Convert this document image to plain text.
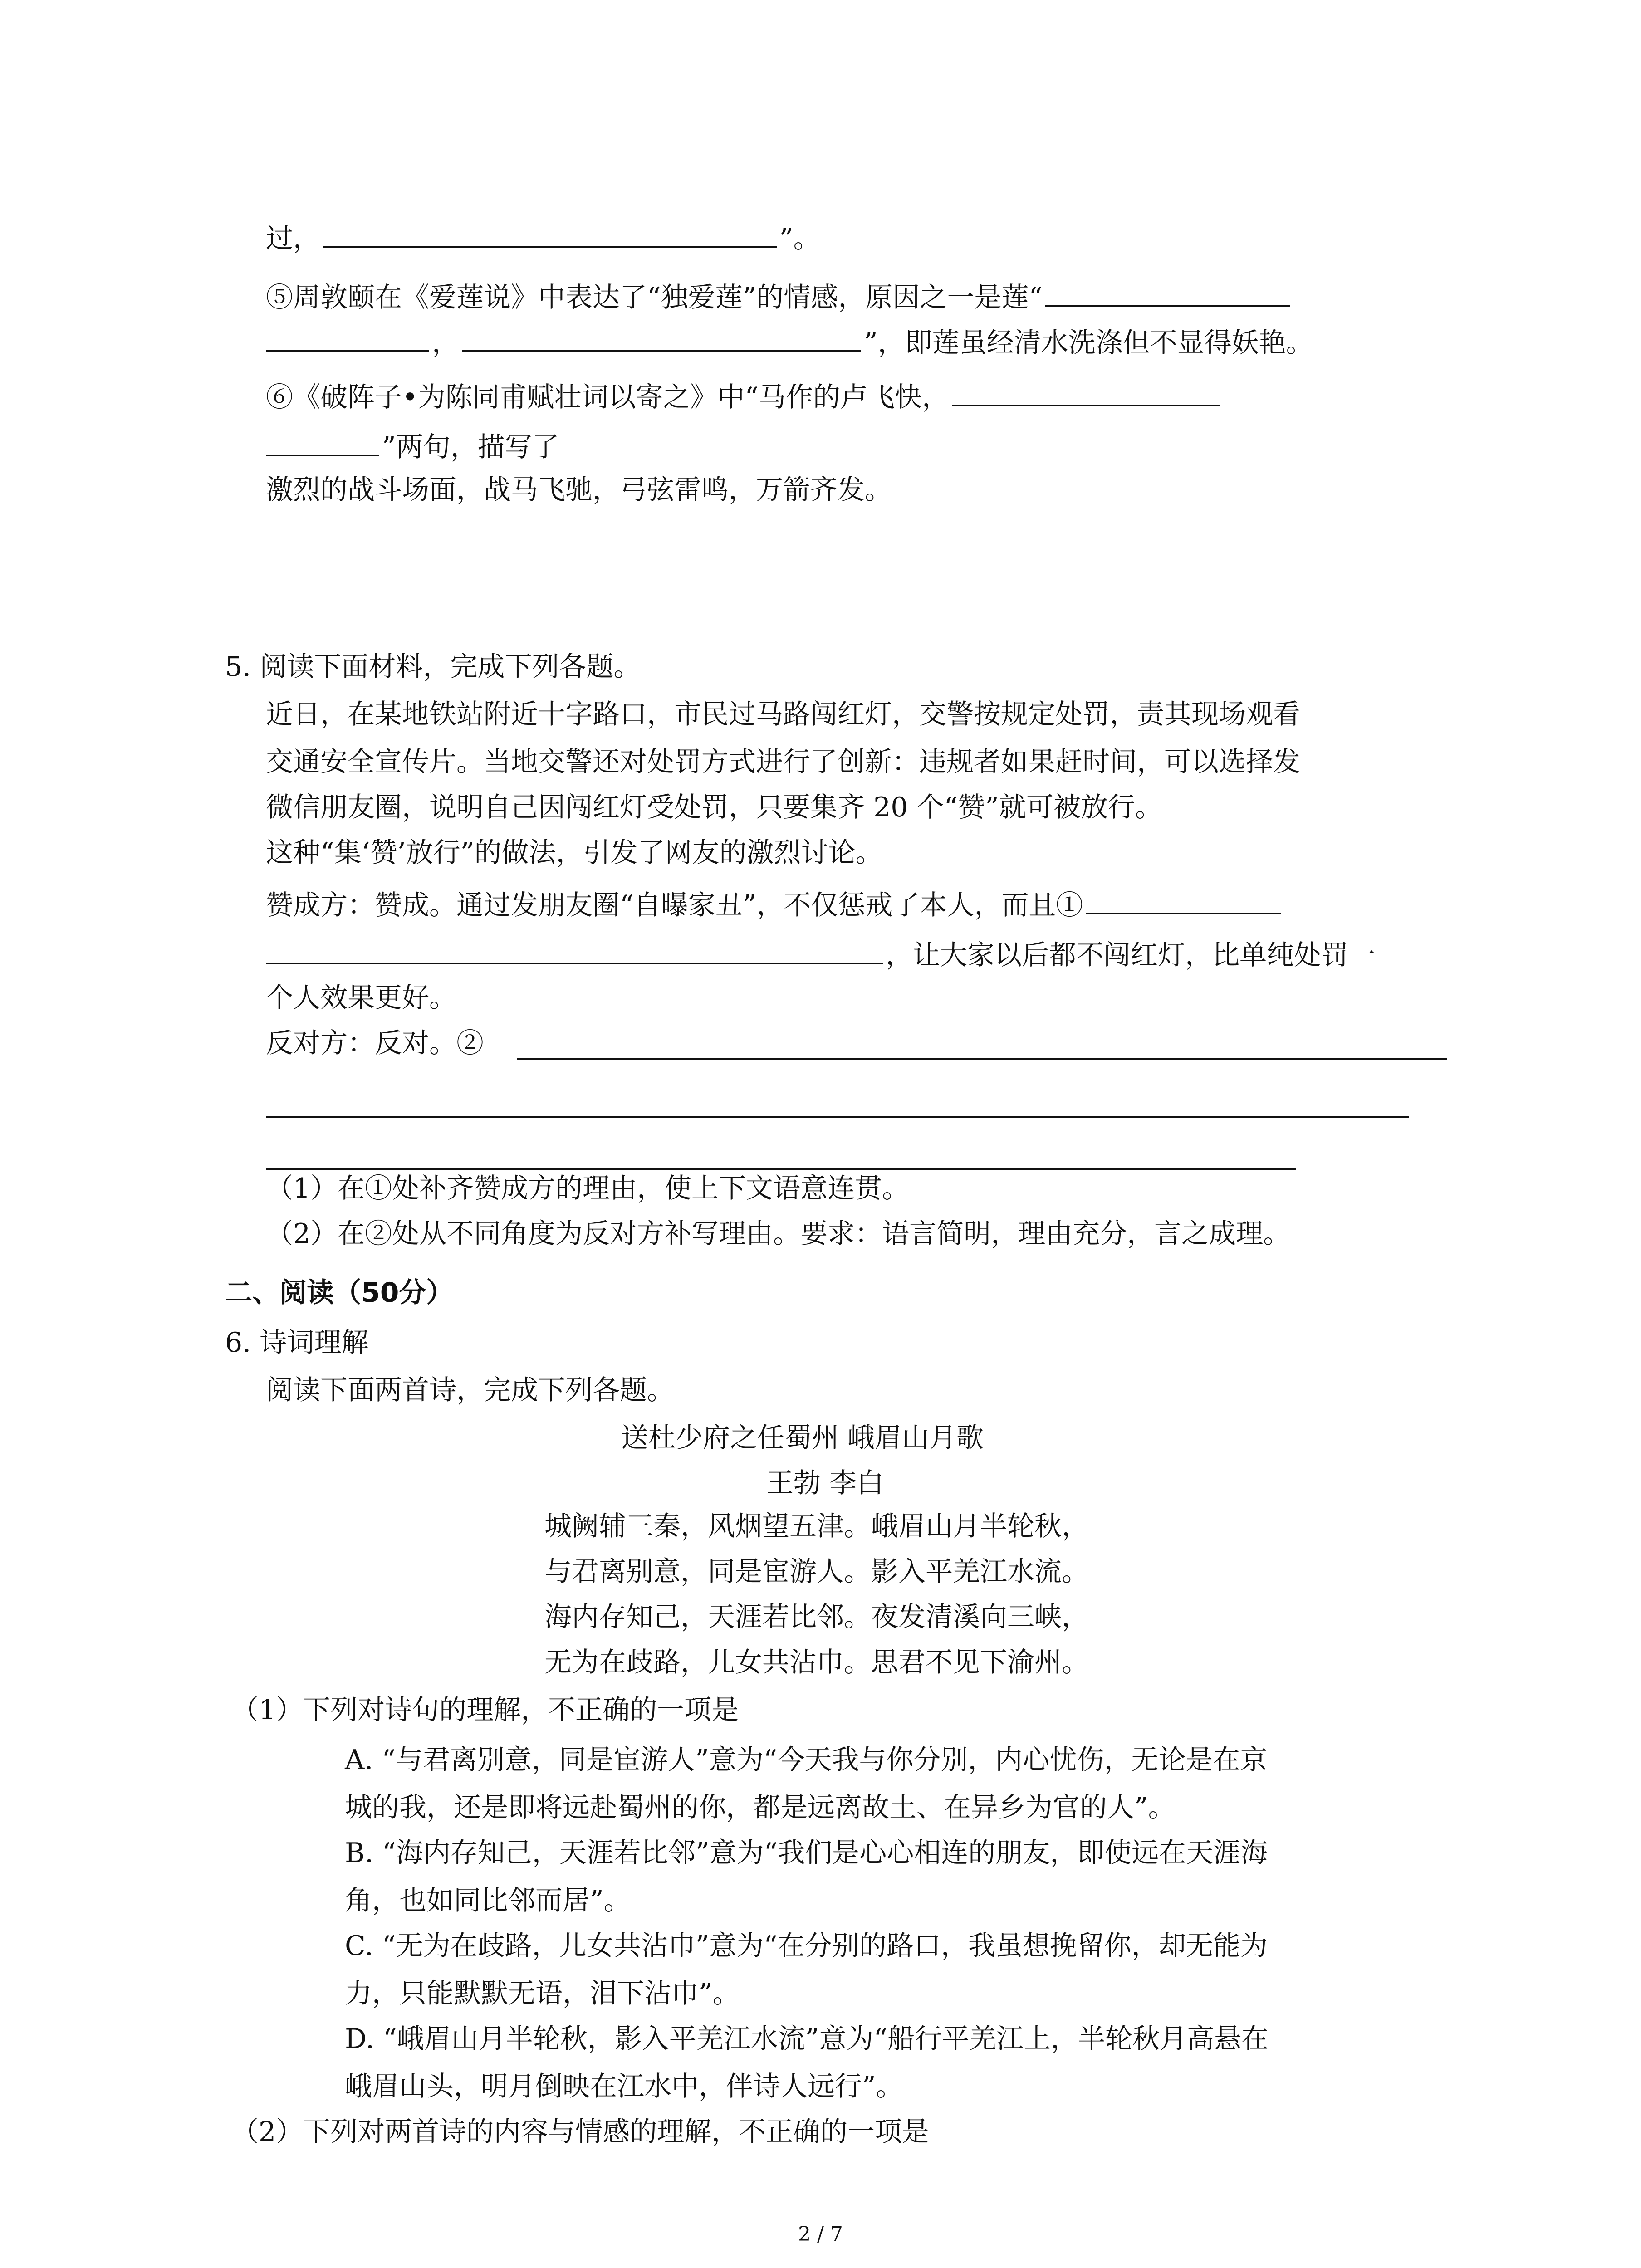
过，	”。
⑤周敦颐在《爱莲说》中表达了“独爱莲”的情感，原因之一是莲“
，	”，即莲虽经清水洗涤但不显得妖艳。
⑥《破阵子•为陈同甫赋壮词以寄之》中“马作的卢飞快，
”两句，描写了
激烈的战斗场面，战马飞驰，弓弦雷鸣，万箭齐发。
5. 阅读下面材料，完成下列各题。
近日，在某地铁站附近十字路口，市民过马路闯红灯，交警按规定处罚，责其现场观看
交通安全宣传片。当地交警还对处罚方式进行了创新：违规者如果赶时间，可以选择发
微信朋友圈，说明自己因闯红灯受处罚，只要集齐 20 个“赞”就可被放行。
这种“集‘赞’放行”的做法，引发了网友的激烈讨论。
赞成方：赞成。通过发朋友圈“自曝家丑”，不仅惩戒了本人，而且①
，让大家以后都不闯红灯，比单纯处罚一
个人效果更好。
反对方：反对。②
（1）在①处补齐赞成方的理由，使上下文语意连贯。
（2）在②处从不同角度为反对方补写理由。要求：语言简明，理由充分，言之成理。
二、阅读（50分）
6. 诗词理解
阅读下面两首诗，完成下列各题。
送杜少府之任蜀州 峨眉山月歌
王勃 李白
城阙辅三秦，风烟望五津。峨眉山月半轮秋，
与君离别意，同是宦游人。影入平羌江水流。
海内存知己，天涯若比邻。夜发清溪向三峡，
无为在歧路，儿女共沾巾。思君不见下渝州。
（1）下列对诗句的理解，不正确的一项是
A. “与君离别意，同是宦游人”意为“今天我与你分别，内心忧伤，无论是在京
城的我，还是即将远赴蜀州的你，都是远离故土、在异乡为官的人”。
B. “海内存知己，天涯若比邻”意为“我们是心心相连的朋友，即使远在天涯海
角，也如同比邻而居”。
C. “无为在歧路，儿女共沾巾”意为“在分别的路口，我虽想挽留你，却无能为
力，只能默默无语，泪下沾巾”。
D. “峨眉山月半轮秋，影入平羌江水流”意为“船行平羌江上，半轮秋月高悬在
峨眉山头，明月倒映在江水中，伴诗人远行”。
（2）下列对两首诗的内容与情感的理解，不正确的一项是
2 / 7
